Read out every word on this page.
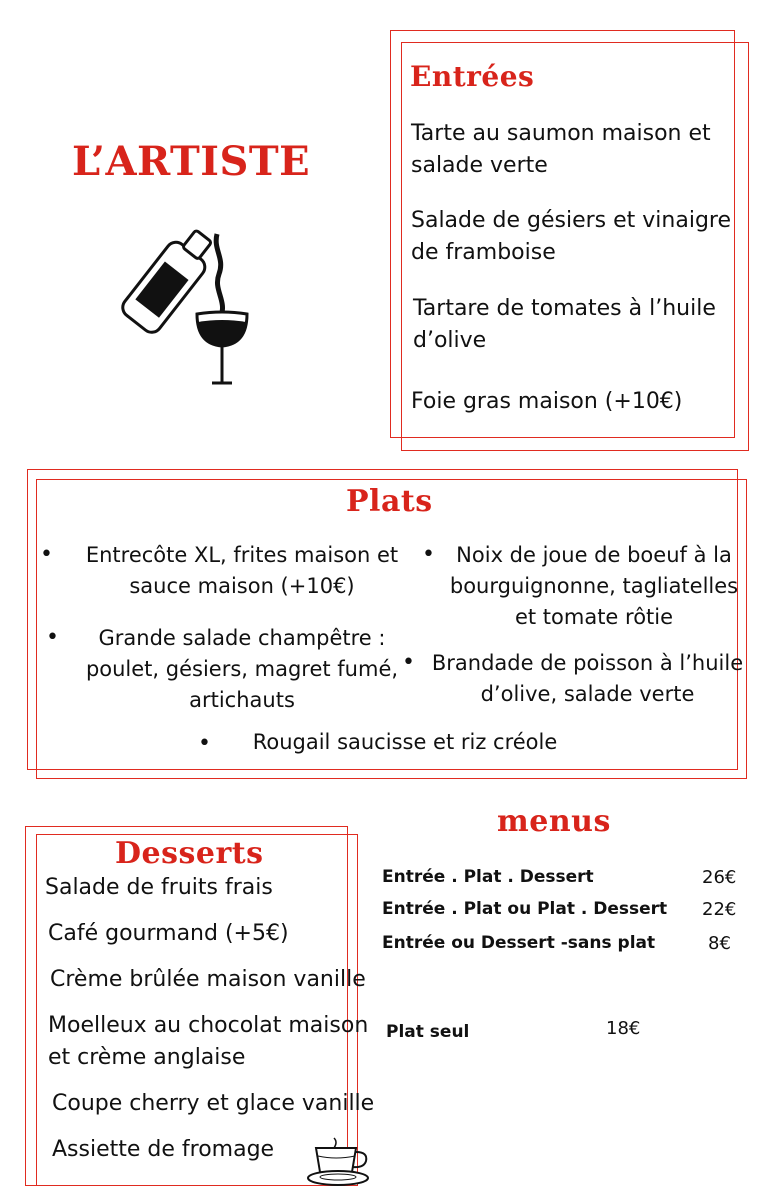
L’ARTISTE
Entrées
Tarte au saumon maison et
salade verte
Salade de gésiers et vinaigre
de framboise
Tartare de tomates à l’huile
d’olive
Foie gras maison (+10€)
Plats
• Entrecôte XL, frites maison et
sauce maison (+10€)
•	Noix de joue de boeuf à la
bourguignonne, tagliatelles
et tomate rôtie
•	Grande salade champêtre :
poulet, gésiers, magret fumé,
artichauts
• Brandade de poisson à l’huile
d’olive, salade verte
•	Rougail saucisse et riz créole
Desserts
Salade de fruits frais
Café gourmand (+5€)
Crème brûlée maison vanille
Moelleux au chocolat maison
et crème anglaise
Coupe cherry et glace vanille
Assiette de fromage
menus
Entrée . Plat . Dessert	26€
Entrée . Plat ou Plat . Dessert 22€
Entrée ou Dessert -sans plat	8€
Plat seul	18€
